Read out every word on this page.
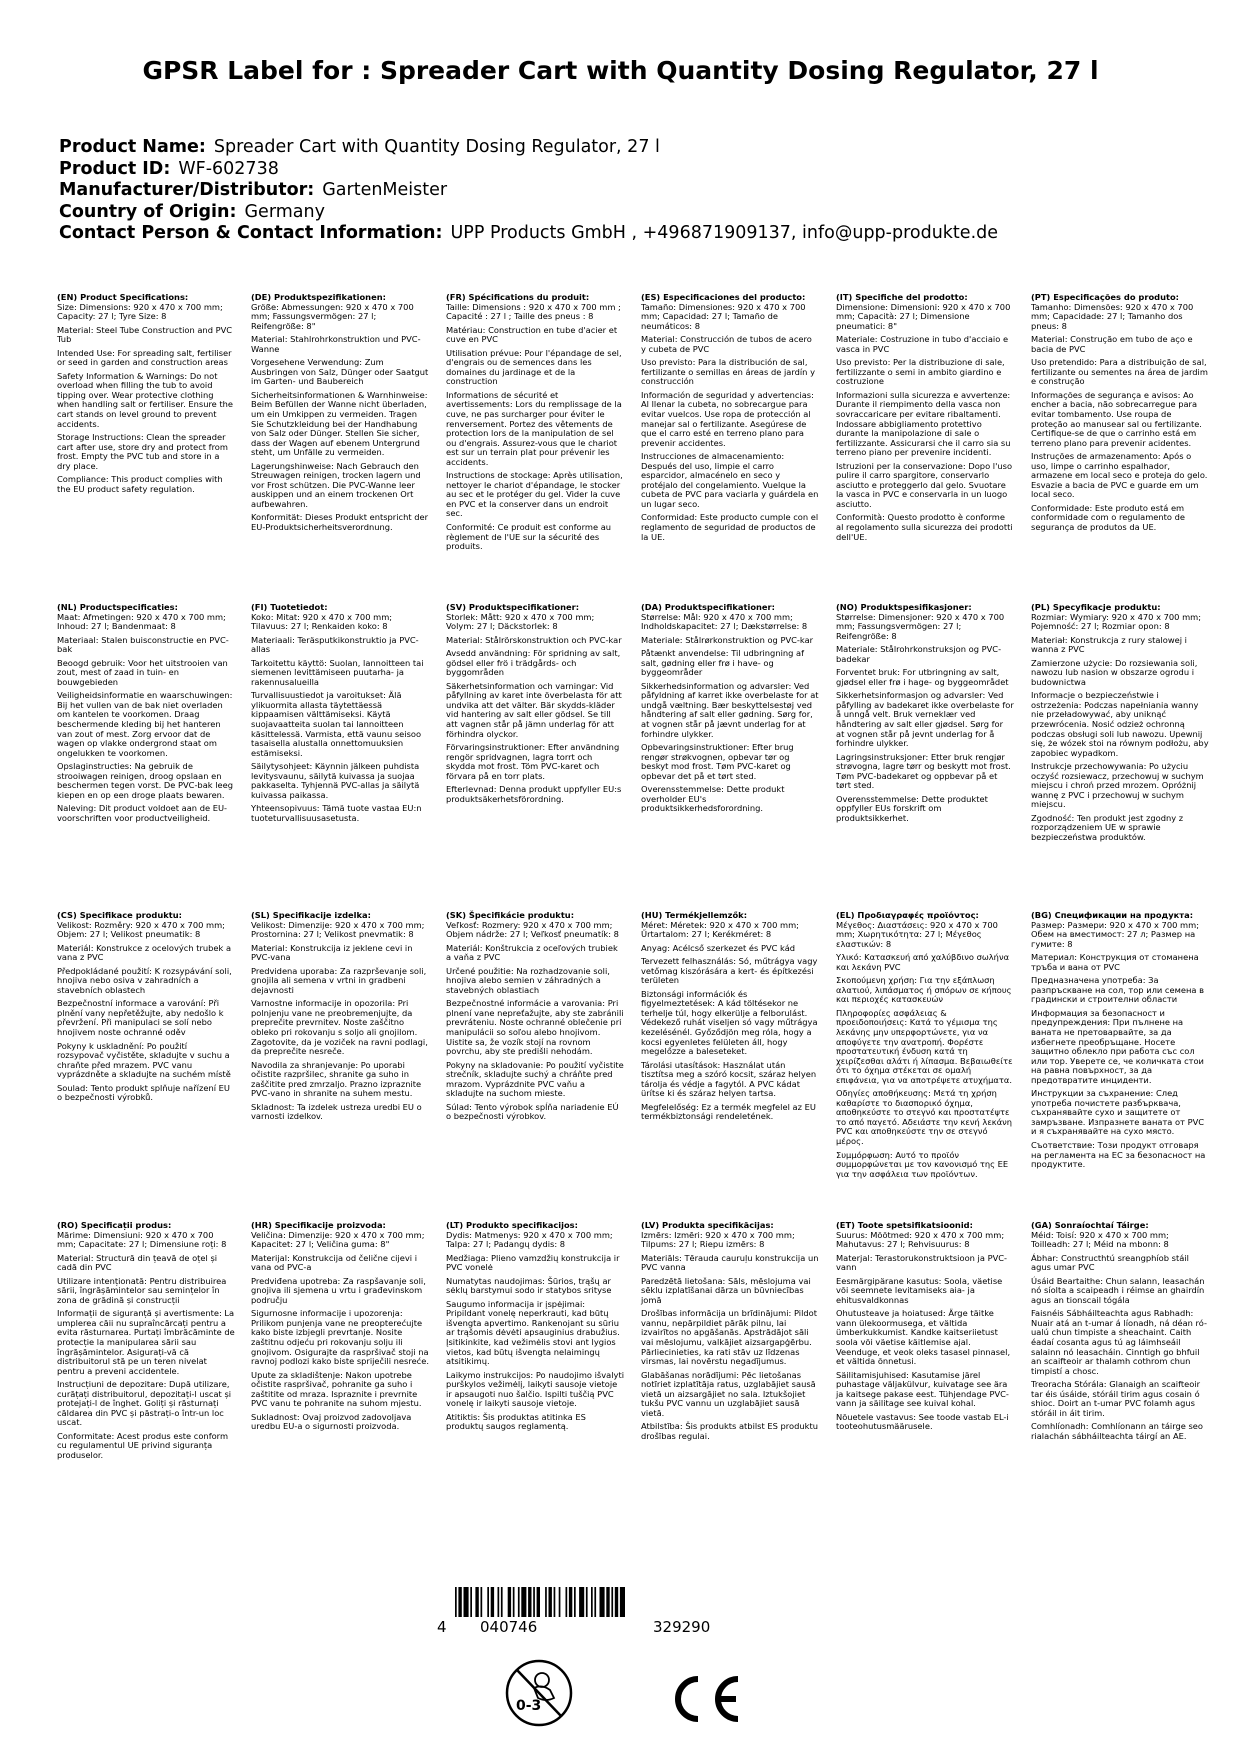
GPSR Label for : Spreader Cart with Quantity Dosing Regulator, 27 l
Product Name: Spreader Cart with Quantity Dosing Regulator, 27 l
Product ID: WF-602738
Manufacturer/Distributor: GartenMeister
Country of Origin: Germany
Contact Person & Contact Information: UPP Products GmbH , +496871909137, info@upp-produkte.de
(EN) Product Specifications:
Size: Dimensions: 920 x 470 x 700 mm; Capacity: 27 l; Tyre Size: 8
Material: Steel Tube Construction and PVC Tub
Intended Use: For spreading salt, fertiliser or seed in garden and construction areas
Safety Information & Warnings: Do not overload when filling the tub to avoid tipping over. Wear protective clothing when handling salt or fertiliser. Ensure the cart stands on level ground to prevent accidents.
Storage Instructions: Clean the spreader cart after use, store dry and protect from frost. Empty the PVC tub and store in a dry place.
Compliance: This product complies with the EU product safety regulation.
(DE) Produktspezifikationen:
Größe: Abmessungen: 920 x 470 x 700 mm; Fassungsvermögen: 27 l; Reifengröße: 8"
Material: Stahlrohrkonstruktion und PVC-Wanne
Vorgesehene Verwendung: Zum Ausbringen von Salz, Dünger oder Saatgut im Garten- und Baubereich
Sicherheitsinformationen & Warnhinweise: Beim Befüllen der Wanne nicht überladen, um ein Umkippen zu vermeiden. Tragen Sie Schutzkleidung bei der Handhabung von Salz oder Dünger. Stellen Sie sicher, dass der Wagen auf ebenem Untergrund steht, um Unfälle zu vermeiden.
Lagerungshinweise: Nach Gebrauch den Streuwagen reinigen, trocken lagern und vor Frost schützen. Die PVC-Wanne leer auskippen und an einem trockenen Ort aufbewahren.
Konformität: Dieses Produkt entspricht der EU-Produktsicherheitsverordnung.
(FR) Spécifications du produit:
Taille: Dimensions : 920 x 470 x 700 mm ; Capacité : 27 l ; Taille des pneus : 8
Matériau: Construction en tube d'acier et cuve en PVC
Utilisation prévue: Pour l'épandage de sel, d'engrais ou de semences dans les domaines du jardinage et de la construction
Informations de sécurité et avertissements: Lors du remplissage de la cuve, ne pas surcharger pour éviter le renversement. Portez des vêtements de protection lors de la manipulation de sel ou d'engrais. Assurez-vous que le chariot est sur un terrain plat pour prévenir les accidents.
Instructions de stockage: Après utilisation, nettoyer le chariot d'épandage, le stocker au sec et le protéger du gel. Vider la cuve en PVC et la conserver dans un endroit sec.
Conformité: Ce produit est conforme au règlement de l'UE sur la sécurité des produits.
(ES) Especificaciones del producto:
Tamaño: Dimensiones: 920 x 470 x 700 mm; Capacidad: 27 l; Tamaño de neumáticos: 8
Material: Construcción de tubos de acero y cubeta de PVC
Uso previsto: Para la distribución de sal, fertilizante o semillas en áreas de jardín y construcción
Información de seguridad y advertencias: Al llenar la cubeta, no sobrecargue para evitar vuelcos. Use ropa de protección al manejar sal o fertilizante. Asegúrese de que el carro esté en terreno plano para prevenir accidentes.
Instrucciones de almacenamiento: Después del uso, limpie el carro esparcidor, almacénelo en seco y protéjalo del congelamiento. Vuelque la cubeta de PVC para vaciarla y guárdela en un lugar seco.
Conformidad: Este producto cumple con el reglamento de seguridad de productos de la UE.
(IT) Specifiche del prodotto:
Dimensione: Dimensioni: 920 x 470 x 700 mm; Capacità: 27 l; Dimensione pneumatici: 8"
Materiale: Costruzione in tubo d'acciaio e vasca in PVC
Uso previsto: Per la distribuzione di sale, fertilizzante o semi in ambito giardino e costruzione
Informazioni sulla sicurezza e avvertenze: Durante il riempimento della vasca non sovraccaricare per evitare ribaltamenti. Indossare abbigliamento protettivo durante la manipolazione di sale o fertilizzante. Assicurarsi che il carro sia su terreno piano per prevenire incidenti.
Istruzioni per la conservazione: Dopo l'uso pulire il carro spargitore, conservarlo asciutto e proteggerlo dal gelo. Svuotare la vasca in PVC e conservarla in un luogo asciutto.
Conformità: Questo prodotto è conforme al regolamento sulla sicurezza dei prodotti dell'UE.
(PT) Especificações do produto:
Tamanho: Dimensões: 920 x 470 x 700 mm; Capacidade: 27 l; Tamanho dos pneus: 8
Material: Construção em tubo de aço e bacia de PVC
Uso pretendido: Para a distribuição de sal, fertilizante ou sementes na área de jardim e construção
Informações de segurança e avisos: Ao encher a bacia, não sobrecarregue para evitar tombamento. Use roupa de proteção ao manusear sal ou fertilizante. Certifique-se de que o carrinho está em terreno plano para prevenir acidentes.
Instruções de armazenamento: Após o uso, limpe o carrinho espalhador, armazene em local seco e proteja do gelo. Esvazie a bacia de PVC e guarde em um local seco.
Conformidade: Este produto está em conformidade com o regulamento de segurança de produtos da UE.
(NL) Productspecificaties:
Maat: Afmetingen: 920 x 470 x 700 mm; Inhoud: 27 l; Bandenmaat: 8
Materiaal: Stalen buisconstructie en PVC-bak
Beoogd gebruik: Voor het uitstrooien van zout, mest of zaad in tuin- en bouwgebieden
Veiligheidsinformatie en waarschuwingen: Bij het vullen van de bak niet overladen om kantelen te voorkomen. Draag beschermende kleding bij het hanteren van zout of mest. Zorg ervoor dat de wagen op vlakke ondergrond staat om ongelukken te voorkomen.
Opslaginstructies: Na gebruik de strooiwagen reinigen, droog opslaan en beschermen tegen vorst. De PVC-bak leeg kiepen en op een droge plaats bewaren.
Naleving: Dit product voldoet aan de EU-voorschriften voor productveiligheid.
(FI) Tuotetiedot:
Koko: Mitat: 920 x 470 x 700 mm; Tilavuus: 27 l; Renkaiden koko: 8
Materiaali: Teräsputkikonstruktio ja PVC-allas
Tarkoitettu käyttö: Suolan, lannoitteen tai siemenen levittämiseen puutarha- ja rakennusalueilla
Turvallisuustiedot ja varoitukset: Älä ylikuormita allasta täytettäessä kippaamisen välttämiseksi. Käytä suojavaatteita suolan tai lannoitteen käsittelessä. Varmista, että vaunu seisoo tasaisella alustalla onnettomuuksien estämiseksi.
Säilytysohjeet: Käynnin jälkeen puhdista levitysvaunu, säilytä kuivassa ja suojaa pakkaselta. Tyhjennä PVC-allas ja säilytä kuivassa paikassa.
Yhteensopivuus: Tämä tuote vastaa EU:n tuoteturvallisuusasetusta.
(SV) Produktspecifikationer:
Storlek: Mått: 920 x 470 x 700 mm; Volym: 27 l; Däckstorlek: 8
Material: Stålrörskonstruktion och PVC-kar
Avsedd användning: För spridning av salt, gödsel eller frö i trädgårds- och byggområden
Säkerhetsinformation och varningar: Vid påfyllning av karet inte överbelasta för att undvika att det välter. Bär skydds-kläder vid hantering av salt eller gödsel. Se till att vagnen står på jämn underlag för att förhindra olyckor.
Förvaringsinstruktioner: Efter användning rengör spridvagnen, lagra torrt och skydda mot frost. Töm PVC-karet och förvara på en torr plats.
Efterlevnad: Denna produkt uppfyller EU:s produktsäkerhetsförordning.
(DA) Produktspecifikationer:
Størrelse: Mål: 920 x 470 x 700 mm; Indholdskapacitet: 27 l; Dækstørrelse: 8
Materiale: Stålrørkonstruktion og PVC-kar
Påtænkt anvendelse: Til udbringning af salt, gødning eller frø i have- og byggeområder
Sikkerhedsinformation og advarsler: Ved påfyldning af karret ikke overbelaste for at undgå væltning. Bær beskyttelsestøj ved håndtering af salt eller gødning. Sørg for, at vognen står på jævnt underlag for at forhindre ulykker.
Opbevaringsinstruktioner: Efter brug rengør strøkvognen, opbevar tør og beskyt mod frost. Tøm PVC-karet og opbevar det på et tørt sted.
Overensstemmelse: Dette produkt overholder EU's produktsikkerhedsforordning.
(NO) Produktspesifikasjoner:
Størrelse: Dimensjoner: 920 x 470 x 700 mm; Fassungsvermögen: 27 l; Reifengröße: 8
Materiale: Stålrohrkonstruksjon og PVC-badekar
Forventet bruk: For utbringning av salt, gjødsel eller frø i hage- og byggeområdet
Sikkerhetsinformasjon og advarsler: Ved påfylling av badekaret ikke overbelaste for å unngå velt. Bruk verneklær ved håndtering av salt eller gjødsel. Sørg for at vognen står på jevnt underlag for å forhindre ulykker.
Lagringsinstruksjoner: Etter bruk rengjør strøvogna, lagre tørr og beskytt mot frost. Tøm PVC-badekaret og oppbevar på et tørt sted.
Overensstemmelse: Dette produktet oppfyller EUs forskrift om produktsikkerhet.
(PL) Specyfikacje produktu:
Rozmiar: Wymiary: 920 x 470 x 700 mm; Pojemność: 27 l; Rozmiar opon: 8
Materiał: Konstrukcja z rury stalowej i wanna z PVC
Zamierzone użycie: Do rozsiewania soli, nawozu lub nasion w obszarze ogrodu i budownictwa
Informacje o bezpieczeństwie i ostrzeżenia: Podczas napełniania wanny nie przeładowywać, aby uniknąć przewrócenia. Nosić odzież ochronną podczas obsługi soli lub nawozu. Upewnij się, że wózek stoi na równym podłożu, aby zapobiec wypadkom.
Instrukcje przechowywania: Po użyciu oczyść rozsiewacz, przechowuj w suchym miejscu i chroń przed mrozem. Opróżnij wannę z PVC i przechowuj w suchym miejscu.
Zgodność: Ten produkt jest zgodny z rozporządzeniem UE w sprawie bezpieczeństwa produktów.
(CS) Specifikace produktu:
Velikost: Rozměry: 920 x 470 x 700 mm; Objem: 27 l; Velikost pneumatik: 8
Materiál: Konstrukce z ocelových trubek a vana z PVC
Předpokládané použití: K rozsypávání soli, hnojiva nebo osiva v zahradních a stavebních oblastech
Bezpečnostní informace a varování: Při plnění vany nepřetěžujte, aby nedošlo k převržení. Při manipulaci se solí nebo hnojivem noste ochranné oděv
Pokyny k uskladnění: Po použití rozsypovač vyčistěte, skladujte v suchu a chraňte před mrazem. PVC vanu vyprázdněte a skladujte na suchém místě
Soulad: Tento produkt splňuje nařízení EU o bezpečnosti výrobků.
(SL) Specifikacije izdelka:
Velikost: Dimenzije: 920 x 470 x 700 mm; Prostornina: 27 l; Velikost pnevmatik: 8
Material: Konstrukcija iz jeklene cevi in PVC-vana
Predvidena uporaba: Za razprševanje soli, gnojila ali semena v vrtni in gradbeni dejavnosti
Varnostne informacije in opozorila: Pri polnjenju vane ne preobremenjujte, da preprečite prevrnitev. Noste zaščitno obleko pri rokovanju s soljo ali gnojilom. Zagotovite, da je voziček na ravni podlagi, da preprečite nesreče.
Navodila za shranjevanje: Po uporabi očistite razpršilec, shranite ga suho in zaščitite pred zmrzaljo. Prazno izpraznite PVC-vano in shranite na suhem mestu.
Skladnost: Ta izdelek ustreza uredbi EU o varnosti izdelkov.
(SK) Špecifikácie produktu:
Veľkosť: Rozmery: 920 x 470 x 700 mm; Objem nádrže: 27 l; Veľkosť pneumatík: 8
Materiál: Konštrukcia z oceľových trubiek a vaňa z PVC
Určené použitie: Na rozhadzovanie soli, hnojiva alebo semien v záhradných a stavebných oblastiach
Bezpečnostné informácie a varovania: Pri plnení vane nepreťažujte, aby ste zabránili prevráteniu. Noste ochranné oblečenie pri manipulácii so soľou alebo hnojivom. Uistite sa, že vozík stojí na rovnom povrchu, aby ste predišli nehodám.
Pokyny na skladovanie: Po použití vyčistite strečník, skladujte suchý a chráňte pred mrazom. Vyprázdnite PVC vaňu a skladujte na suchom mieste.
Súlad: Tento výrobok spĺňa nariadenie EÚ o bezpečnosti výrobkov.
(HU) Termékjellemzők:
Méret: Méretek: 920 x 470 x 700 mm; Űrtartalom: 27 l; Kerékméret: 8
Anyag: Acélcső szerkezet és PVC kád
Tervezett felhasználás: Só, műtrágya vagy vetőmag kiszórására a kert- és építkezési területen
Biztonsági információk és figyelmeztetések: A kád töltésekor ne terhelje túl, hogy elkerülje a felborulást. Védekező ruhát viseljen só vagy műtrágya kezelésénél. Győződjön meg róla, hogy a kocsi egyenletes felületen áll, hogy megelőzze a baleseteket.
Tárolási utasítások: Használat után tisztítsa meg a szóró kocsit, száraz helyen tárolja és védje a fagytól. A PVC kádat ürítse ki és száraz helyen tartsa.
Megfelelőség: Ez a termék megfelel az EU termékbiztonsági rendeletének.
(EL) Προδιαγραφές προϊόντος:
Μέγεθος: Διαστάσεις: 920 x 470 x 700 mm; Χωρητικότητα: 27 l; Μέγεθος ελαστικών: 8
Υλικό: Κατασκευή από χαλύβδινο σωλήνα και λεκάνη PVC
Σκοπούμενη χρήση: Για την εξάπλωση αλατιού, λιπάσματος ή σπόρων σε κήπους και περιοχές κατασκευών
Πληροφορίες ασφάλειας & προειδοποιήσεις: Κατά το γέμισμα της λεκάνης μην υπερφορτώνετε, για να αποφύγετε την ανατροπή. Φορέστε προστατευτική ένδυση κατά τη χειρίζεσθαι αλάτι ή λίπασμα. Βεβαιωθείτε ότι το όχημα στέκεται σε ομαλή επιφάνεια, για να αποτρέψετε ατυχήματα.
Οδηγίες αποθήκευσης: Μετά τη χρήση καθαρίστε το διασπορικό όχημα, αποθηκεύστε το στεγνό και προστατέψτε το από παγετό. Αδειάστε την κενή λεκάνη PVC και αποθηκεύστε την σε στεγνό μέρος.
Συμμόρφωση: Αυτό το προϊόν συμμορφώνεται με τον κανονισμό της ΕΕ για την ασφάλεια των προϊόντων.
(BG) Спецификации на продукта:
Размер: Размери: 920 x 470 x 700 mm; Обем на вместимост: 27 л; Размер на гумите: 8
Материал: Конструкция от стоманена тръба и вана от PVC
Предназначена употреба: За разпръскване на сол, тор или семена в градински и строителни области
Информация за безопасност и предупреждения: При пълнене на ваната не претоварвайте, за да избегнете преобръщане. Носете защитно облекло при работа със сол или тор. Уверете се, че количката стои на равна повърхност, за да предотвратите инциденти.
Инструкции за съхранение: След употреба почистете разбърквача, съхранявайте сухо и защитете от замръзване. Изпразнете ваната от PVC и я съхранявайте на сухо място.
Съответствие: Този продукт отговаря на регламента на ЕС за безопасност на продуктите.
(RO) Specificații produs:
Mărime: Dimensiuni: 920 x 470 x 700 mm; Capacitate: 27 l; Dimensiune roți: 8
Material: Structură din țeavă de oțel și cadă din PVC
Utilizare intenționată: Pentru distribuirea sării, îngrășămintelor sau semințelor în zona de grădină și construcții
Informații de siguranță și avertismente: La umplerea căii nu supraîncărcați pentru a evita răsturnarea. Purtați îmbrăcăminte de protecție la manipularea sării sau îngrășămintelor. Asigurați-vă că distribuitorul stă pe un teren nivelat pentru a preveni accidentele.
Instrucțiuni de depozitare: După utilizare, curățați distribuitorul, depozitați-l uscat și protejați-l de înghet. Goliți și răsturnați căldarea din PVC și păstrați-o într-un loc uscat.
Conformitate: Acest produs este conform cu regulamentul UE privind siguranța produselor.
(HR) Specifikacije proizvoda:
Veličina: Dimenzije: 920 x 470 x 700 mm; Kapacitet: 27 l; Veličina guma: 8"
Materijal: Konstrukcija od čelične cijevi i vana od PVC-a
Predviđena upotreba: Za raspšavanje soli, gnojiva ili sjemena u vrtu i građevinskom području
Sigurnosne informacije i upozorenja: Prilikom punjenja vane ne preopterećujte kako biste izbjegli prevrtanje. Nosite zaštitnu odjeću pri rokovanju solju ili gnojivom. Osigurajte da raspršivač stoji na ravnoj podlozi kako biste spriječili nesreće.
Upute za skladištenje: Nakon upotrebe očistite raspršivač, pohranite ga suho i zaštitite od mraza. Ispraznite i prevrnite PVC vanu te pohranite na suhom mjestu.
Sukladnost: Ovaj proizvod zadovoljava uredbu EU-a o sigurnosti proizvoda.
(LT) Produkto specifikacijos:
Dydis: Matmenys: 920 x 470 x 700 mm; Talpa: 27 l; Padangų dydis: 8
Medžiaga: Plieno vamzdžių konstrukcija ir PVC vonelė
Numatytas naudojimas: Šūrios, trąšų ar sėklų barstymui sodo ir statybos srityse
Saugumo informacija ir įspėjimai: Pripildant vonelę neperkrauti, kad būtų išvengta apvertimo. Rankenojant su sūriu ar trąšomis dėvėti apsauginius drabužius. Įsitikinkite, kad vežimėlis stovi ant lygios vietos, kad būtų išvengta nelaimingų atsitikimų.
Laikymo instrukcijos: Po naudojimo išvalyti purškylos vežimėlį, laikyti sausoje vietoje ir apsaugoti nuo šalčio. Ispilti tuščią PVC vonelę ir laikyti sausoje vietoje.
Atitiktis: Šis produktas atitinka ES produktų saugos reglamentą.
(LV) Produkta specifikācijas:
Izmērs: Izmēri: 920 x 470 x 700 mm; Tilpums: 27 l; Riepu izmērs: 8
Materiāls: Tērauda cauruļu konstrukcija un PVC vanna
Paredzētā lietošana: Sāls, mēslojuma vai sēklu izplatīšanai dārza un būvniecības jomā
Drošības informācija un brīdinājumi: Pildot vannu, nepārpildiet pārāk pilnu, lai izvairītos no apgāšanās. Apstrādājot sāli vai mēslojumu, valkājiet aizsargapģērbu. Pārliecinieties, ka rati stāv uz līdzenas virsmas, lai novērstu negadījumus.
Glabāšanas norādījumi: Pēc lietošanas notīriet izplatītāja ratus, uzglabājiet sausā vietā un aizsargājiet no sala. Iztukšojiet tukšu PVC vannu un uzglabājiet sausā vietā.
Atbilstība: Šis produkts atbilst ES produktu drošības regulai.
(ET) Toote spetsifikatsioonid:
Suurus: Mõõtmed: 920 x 470 x 700 mm; Mahutavus: 27 l; Rehvisuurus: 8
Materjal: Terastorukonstruktsioon ja PVC-vann
Eesmärgipärane kasutus: Soola, väetise või seemnete levitamiseks aia- ja ehitusvaldkonnas
Ohutusteave ja hoiatused: Ärge täitke vann ülekoormusega, et vältida ümberkukkumist. Kandke kaitseriietust soola või väetise käitlemise ajal. Veenduge, et veok oleks tasasel pinnasel, et vältida õnnetusi.
Säilitamisjuhised: Kasutamise järel puhastage väljakülvur, kuivatage see ära ja kaitsege pakase eest. Tühjendage PVC-vann ja säilitage see kuival kohal.
Nõuetele vastavus: See toode vastab EL-i tooteohutusmäärusele.
(GA) Sonraíochtaí Táirge:
Méid: Toisí: 920 x 470 x 700 mm; Toilleadh: 27 l; Méid na mbonn: 8
Ábhar: Constructhtú sreangphíob stáil agus umar PVC
Úsáid Beartaithe: Chun salann, leasachán nó síolta a scaipeadh i réimse an ghairdín agus an tionscail tógála
Faisnéis Sábháilteachta agus Rabhadh: Nuair atá an t-umar á líonadh, ná déan ró-ualú chun timpiste a sheachaint. Caith éadaí cosanta agus tú ag láimhseáil salainn nó leasacháin. Cinntigh go bhfuil an scaifteoir ar thalamh cothrom chun timpistí a chosc.
Treoracha Stórála: Glanaigh an scaifteoir tar éis úsáide, stóráil tirim agus cosain ó shioc. Doirt an t-umar PVC folamh agus stóráil in áit tirim.
Comhlíonadh: Comhlíonann an táirge seo rialachán sábháilteachta táirgí an AE.
4 040746	329290
0-3
